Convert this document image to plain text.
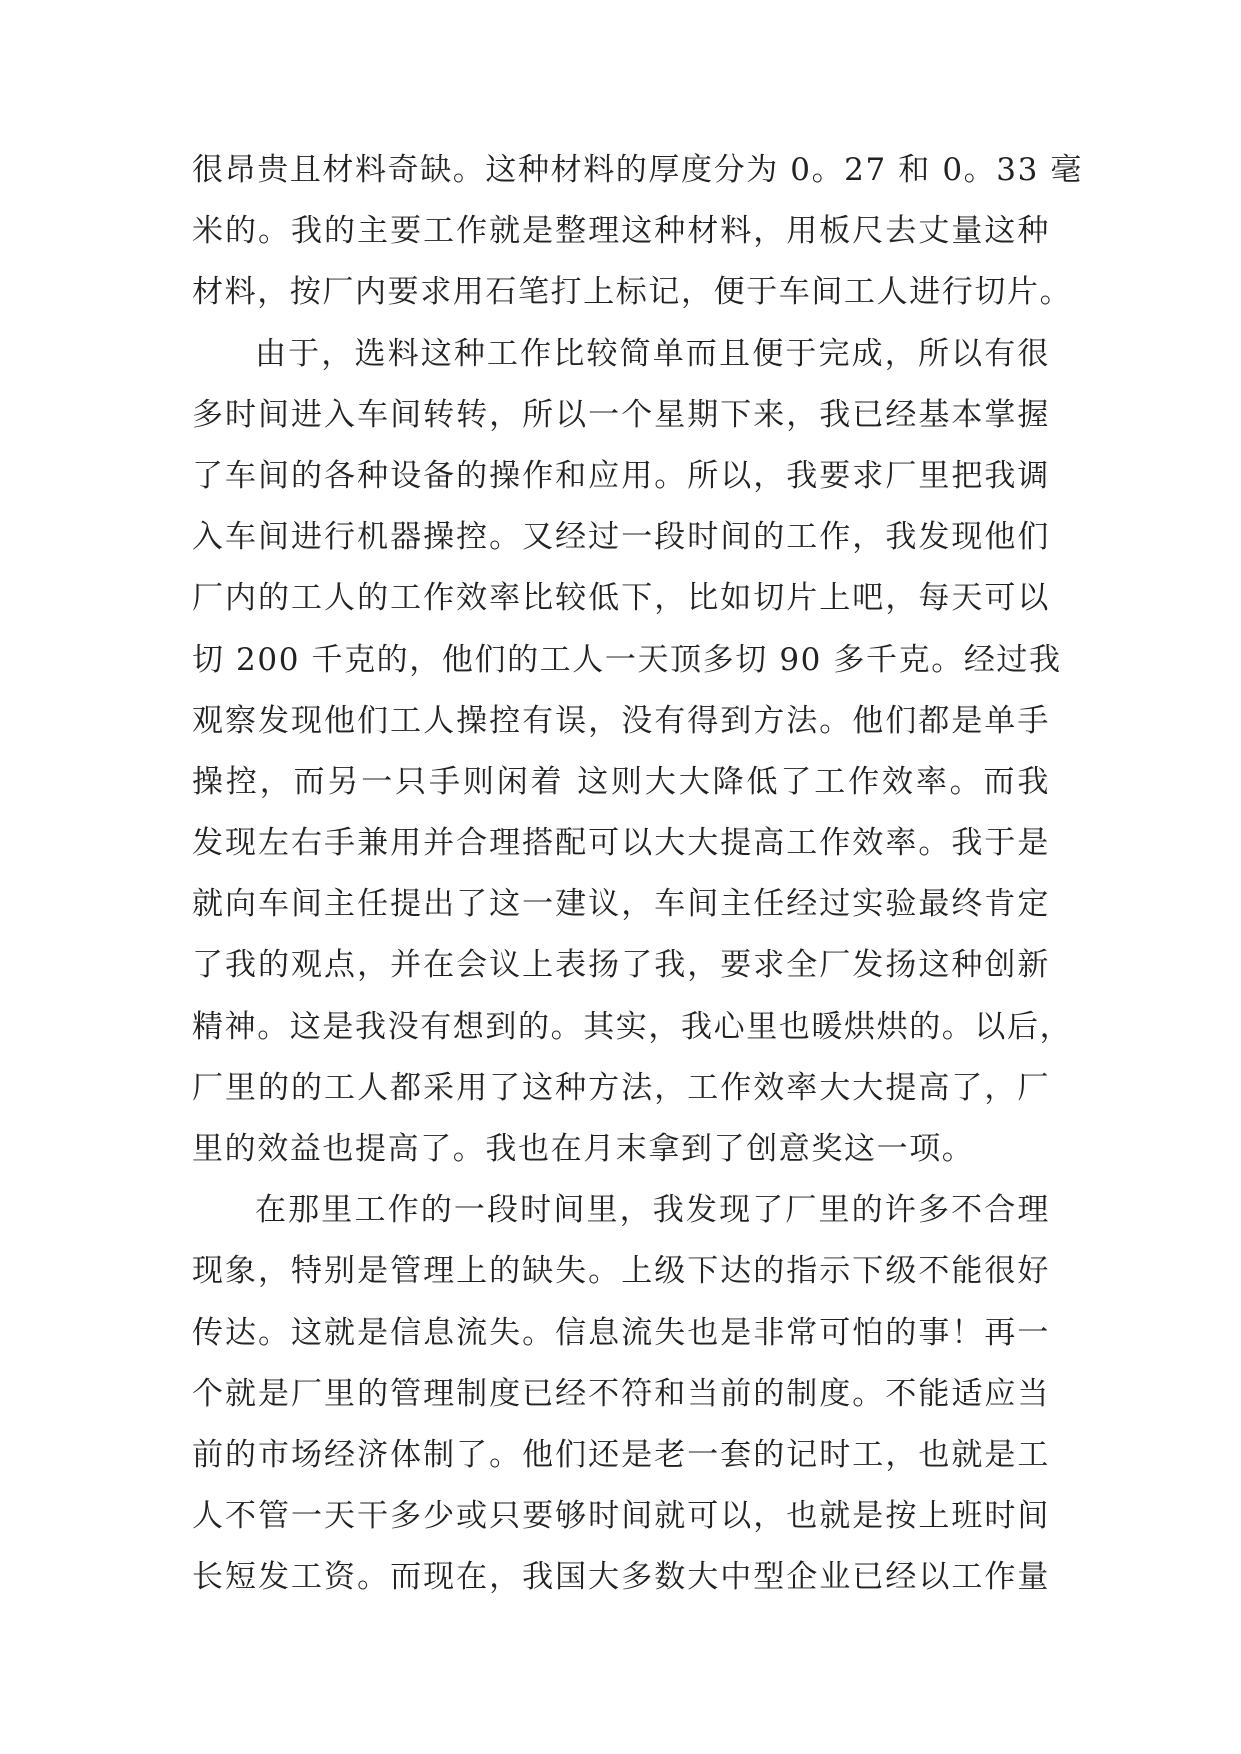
很昂贵且材料奇缺。这种材料的厚度分为 0。27 和 0。33 毫
米的。我的主要工作就是整理这种材料，用板尺去丈量这种
材料，按厂内要求用石笔打上标记，便于车间工人进行切片。
由于，选料这种工作比较简单而且便于完成，所以有很
多时间进入车间转转，所以一个星期下来，我已经基本掌握
了车间的各种设备的操作和应用。所以，我要求厂里把我调
入车间进行机器操控。又经过一段时间的工作，我发现他们
厂内的工人的工作效率比较低下，比如切片上吧，每天可以
切 200 千克的，他们的工人一天顶多切 90 多千克。经过我
观察发现他们工人操控有误，没有得到方法。他们都是单手
操控，而另一只手则闲着 这则大大降低了工作效率。而我
发现左右手兼用并合理搭配可以大大提高工作效率。我于是
就向车间主任提出了这一建议，车间主任经过实验最终肯定
了我的观点，并在会议上表扬了我，要求全厂发扬这种创新
精神。这是我没有想到的。其实，我心里也暖烘烘的。以后，
厂里的的工人都采用了这种方法，工作效率大大提高了，厂
里的效益也提高了。我也在月末拿到了创意奖这一项。
在那里工作的一段时间里，我发现了厂里的许多不合理
现象，特别是管理上的缺失。上级下达的指示下级不能很好
传达。这就是信息流失。信息流失也是非常可怕的事！再一
个就是厂里的管理制度已经不符和当前的制度。不能适应当
前的市场经济体制了。他们还是老一套的记时工，也就是工
人不管一天干多少或只要够时间就可以，也就是按上班时间
长短发工资。而现在，我国大多数大中型企业已经以工作量
